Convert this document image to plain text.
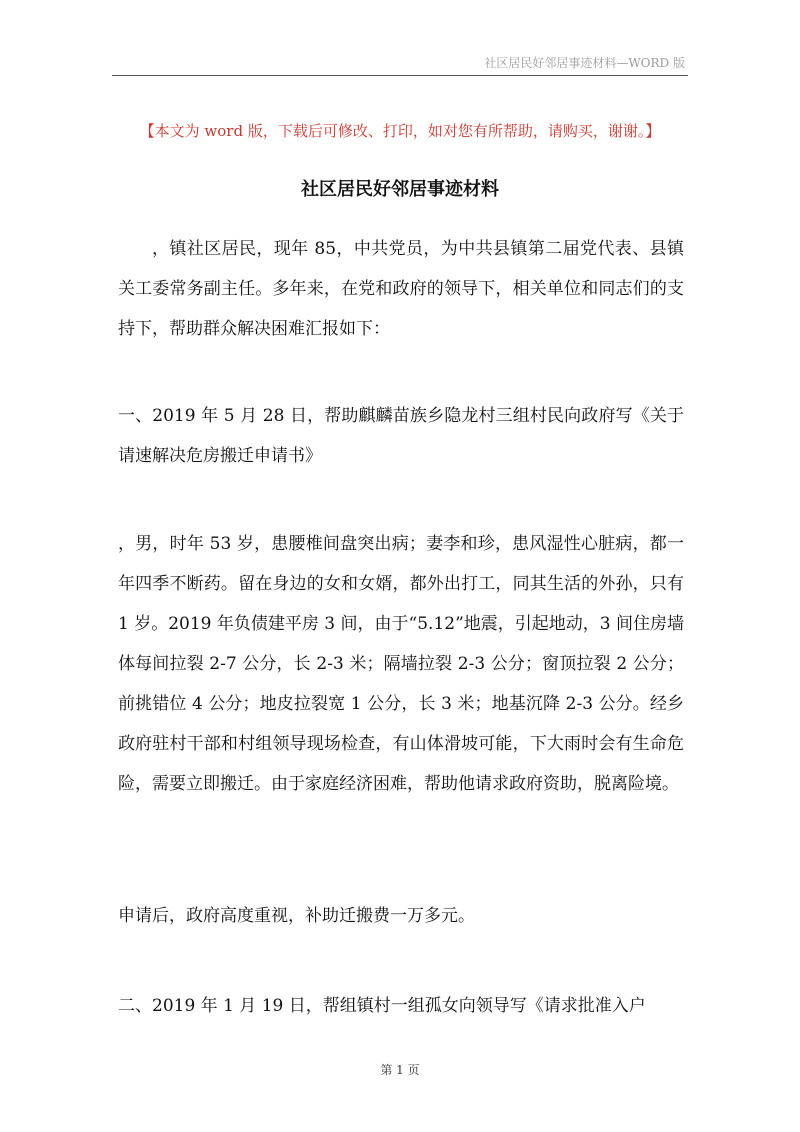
社区居民好邻居事迹材料—WORD 版
【本文为 word 版，下载后可修改、打印，如对您有所帮助，请购买，谢谢。】
社区居民好邻居事迹材料

，镇社区居民，现年 85，中共党员，为中共县镇第二届党代表、县镇关工委常务副主任。多年来，在党和政府的领导下，相关单位和同志们的支持下，帮助群众解决困难汇报如下：

一、2019 年 5 月 28 日，帮助麒麟苗族乡隐龙村三组村民向政府写《关于请速解决危房搬迁申请书》

，男，时年 53 岁，患腰椎间盘突出病；妻李和珍，患风湿性心脏病，都一年四季不断药。留在身边的女和女婿，都外出打工，同其生活的外孙，只有 1 岁。2019 年负债建平房 3 间，由于“5.12”地震，引起地动，3 间住房墙体每间拉裂 2-7 公分，长 2-3 米；隔墙拉裂 2-3 公分；窗顶拉裂 2 公分；前挑错位 4 公分；地皮拉裂宽 1 公分，长 3 米；地基沉降 2-3 公分。经乡政府驻村干部和村组领导现场检查，有山体滑坡可能，下大雨时会有生命危险，需要立即搬迁。由于家庭经济困难，帮助他请求政府资助，脱离险境。

申请后，政府高度重视，补助迁搬费一万多元。

二、2019 年 1 月 19 日，帮组镇村一组孤女向领导写《请求批准入户

第 1 页
